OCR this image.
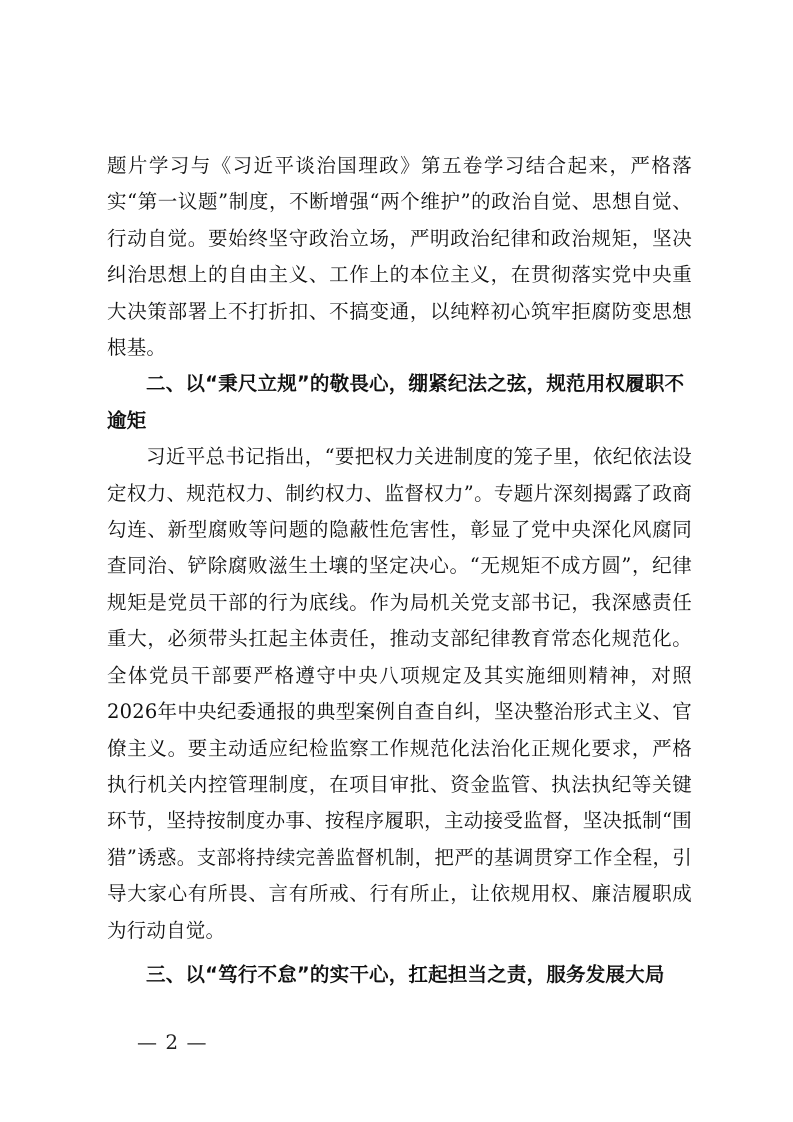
题片学习与《习近平谈治国理政》第五卷学习结合起来，严格落实“第一议题”制度，不断增强“两个维护”的政治自觉、思想自觉、行动自觉。要始终坚守政治立场，严明政治纪律和政治规矩，坚决纠治思想上的自由主义、工作上的本位主义，在贯彻落实党中央重大决策部署上不打折扣、不搞变通，以纯粹初心筑牢拒腐防变思想根基。

二、以“秉尺立规”的敬畏心，绷紧纪法之弦，规范用权履职不逾矩

习近平总书记指出，“要把权力关进制度的笼子里，依纪依法设定权力、规范权力、制约权力、监督权力”。专题片深刻揭露了政商勾连、新型腐败等问题的隐蔽性危害性，彰显了党中央深化风腐同查同治、铲除腐败滋生土壤的坚定决心。“无规矩不成方圆”，纪律规矩是党员干部的行为底线。作为局机关党支部书记，我深感责任重大，必须带头扛起主体责任，推动支部纪律教育常态化规范化。全体党员干部要严格遵守中央八项规定及其实施细则精神，对照2026年中央纪委通报的典型案例自查自纠，坚决整治形式主义、官僚主义。要主动适应纪检监察工作规范化法治化正规化要求，严格执行机关内控管理制度，在项目审批、资金监管、执法执纪等关键环节，坚持按制度办事、按程序履职，主动接受监督，坚决抵制“围猎”诱惑。支部将持续完善监督机制，把严的基调贯穿工作全程，引导大家心有所畏、言有所戒、行有所止，让依规用权、廉洁履职成为行动自觉。

三、以“笃行不怠”的实干心，扛起担当之责，服务发展大局

— 2 —
